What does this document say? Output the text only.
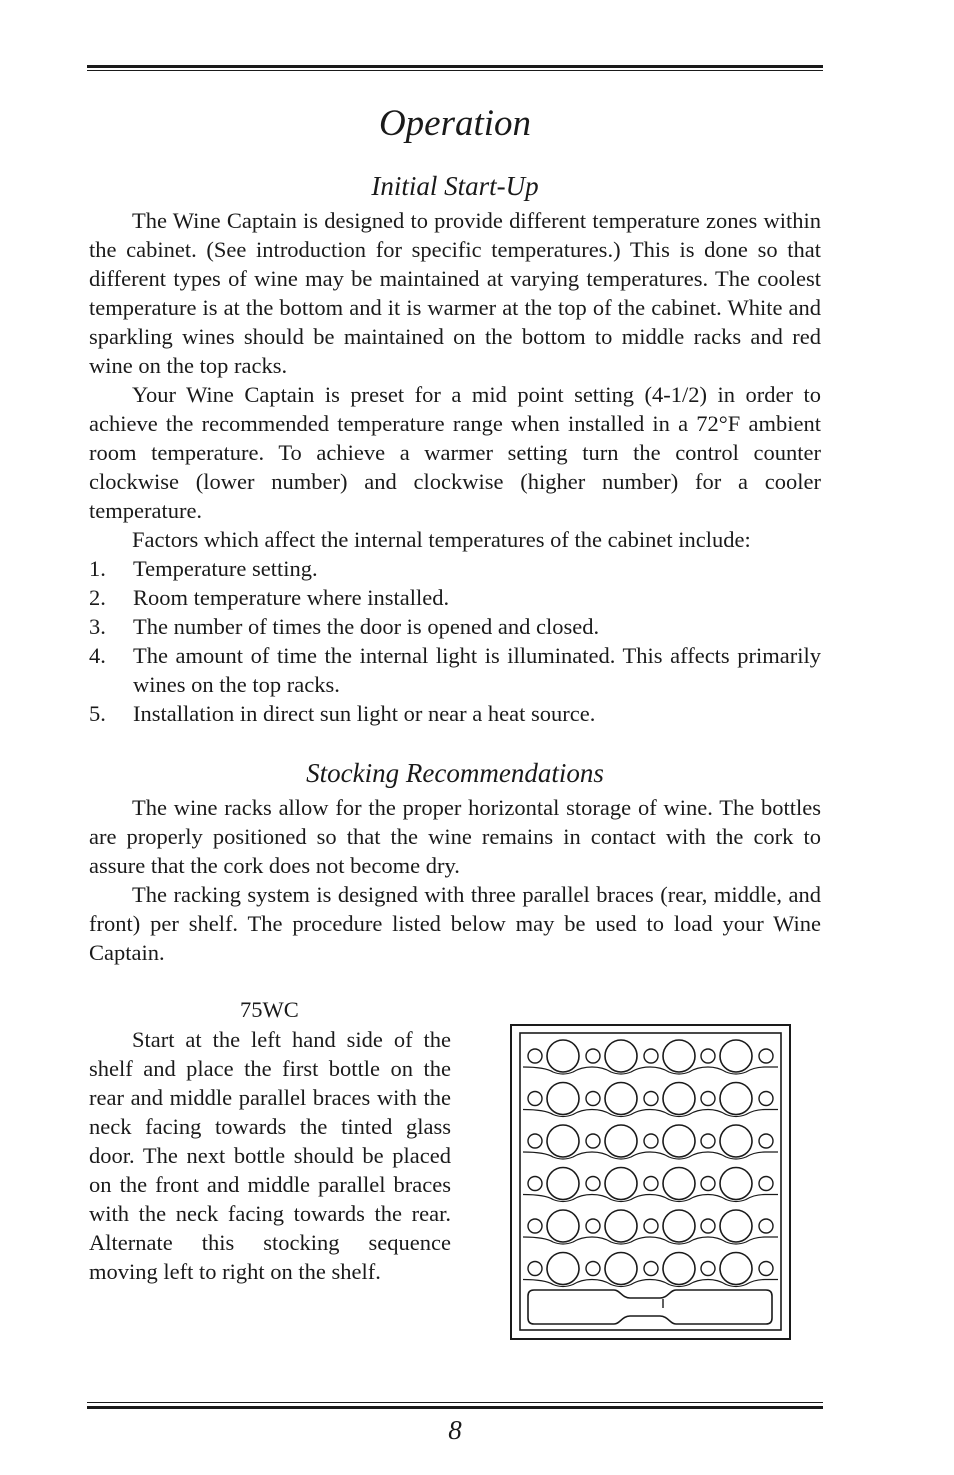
Operation
Initial Start-Up

The Wine Captain is designed to provide different temperature zones within the cabinet. (See introduction for specific temperatures.) This is done so that different types of wine may be maintained at varying temperatures. The coolest temperature is at the bottom and it is warmer at the top of the cabinet. White and sparkling wines should be maintained on the bottom to middle racks and red wine on the top racks.

Your Wine Captain is preset for a mid point setting (4-1/2) in order to achieve the recommended temperature range when installed in a 72°F ambient room temperature. To achieve a warmer setting turn the control counter clockwise (lower number) and clockwise (higher number) for a cooler temperature.

Factors which affect the internal temperatures of the cabinet include:

1. Temperature setting.
2. Room temperature where installed.
3. The number of times the door is opened and closed.
4. The amount of time the internal light is illuminated. This affects primarily wines on the top racks.
5. Installation in direct sun light or near a heat source.
Stocking Recommendations

The wine racks allow for the proper horizontal storage of wine. The bottles are properly positioned so that the wine remains in contact with the cork to assure that the cork does not become dry.

The racking system is designed with three parallel braces (rear, middle, and front) per shelf. The procedure listed below may be used to load your Wine Captain.

75WC

Start at the left hand side of the shelf and place the first bottle on the rear and middle parallel braces with the neck facing towards the tinted glass door. The next bottle should be placed on the front and middle parallel braces with the neck facing towards the rear. Alternate this stocking sequence moving left to right on the shelf.

8
